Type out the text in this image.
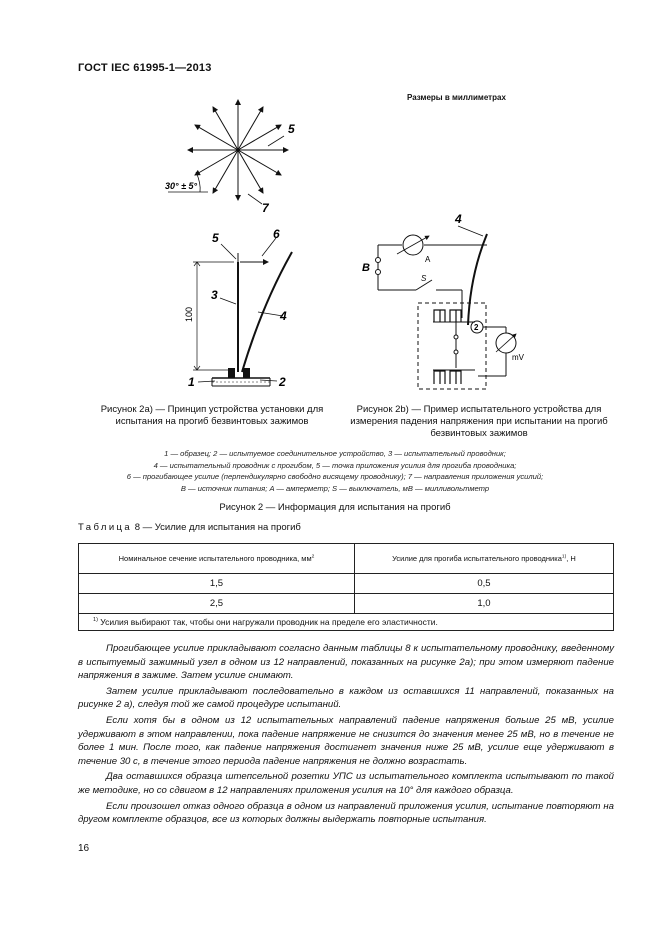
ГОСТ IEC 61995-1—2013
Размеры в миллиметрах
30° ± 5°
5
7
5	6
3
4
100
1	2
4
В
A
S
2
mV
Рисунок 2a) — Принцип устройства установки для испытания на прогиб безвинтовых зажимов
Рисунок 2b) — Пример испытательного устройства для измерения падения напряжения при испытании на прогиб безвинтовых зажимов
1 — образец; 2 — испытуемое соединительное устройство, 3 — испытательный проводник;
4 — испытательный проводник с прогибом, 5 — точка приложения усилия для прогиба проводника;
6 — прогибающее усилие (перпендикулярно свободно висящему проводнику); 7 — направления приложения усилий;
B — источник питания; A — амперметр; S — выключатель, мВ — милливольтметр
Рисунок 2 — Информация для испытания на прогиб
Таблица 8 — Усилие для испытания на прогиб
Номинальное сечение испытательного проводника, $мм^2$	Усилие для прогиба испытательного проводника$^{1)}$, Н
1,5	0,5
2,5	1,0
$^{1)}$ Усилия выбирают так, чтобы они нагружали проводник на пределе его эластичности.	

Прогибающее усилие прикладывают согласно данным таблицы 8 к испытательному проводнику, введенному в испытуемый зажимный узел в одном из 12 направлений, показанных на рисунке 2а); при этом измеряют падение напряжения в зажиме. Затем усилие снимают.

Затем усилие прикладывают последовательно в каждом из оставшихся 11 направлений, показанных на рисунке 2 а), следуя той же самой процедуре испытаний.

Если хотя бы в одном из 12 испытательных направлений падение напряжения больше 25 мВ, усилие удерживают в этом направлении, пока падение напряжение не снизится до значения менее 25 мВ, но в течение не более 1 мин. После того, как падение напряжения достигнет значения ниже 25 мВ, усилие еще удерживают в течение 30 с, в течение этого периода падение напряжения не должно возрастать.

Два оставшихся образца штепсельной розетки УПС из испытательного комплекта испытывают по такой же методике, но со сдвигом в 12 направлениях приложения усилия на 10° для каждого образца.

Если произошел отказ одного образца в одном из направлений приложения усилия, испытание повторяют на другом комплекте образцов, все из которых должны выдержать повторные испытания.

16
